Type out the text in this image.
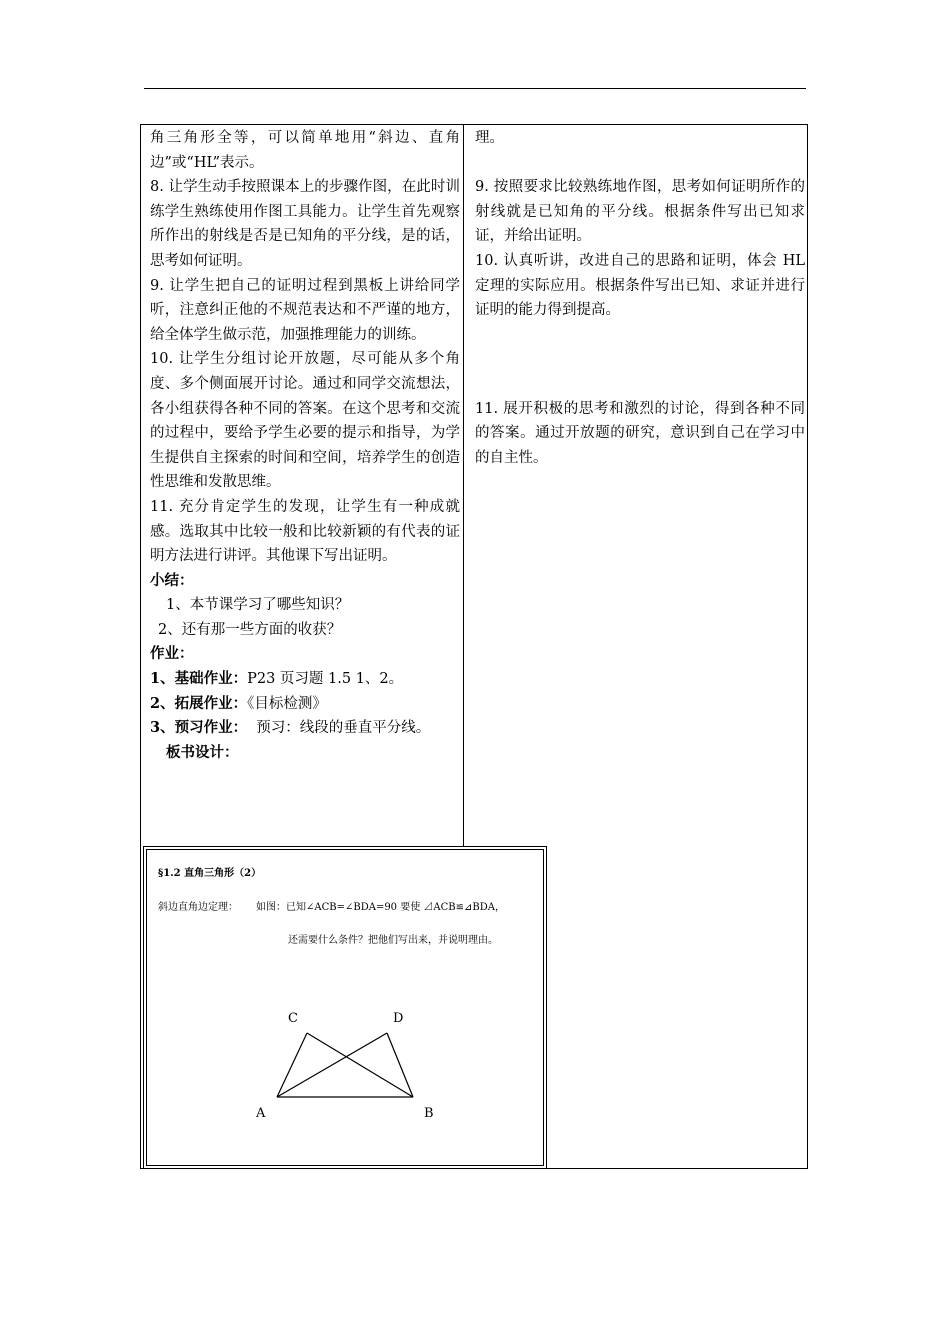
角三角形全等，可以简单地用“斜边、直角边”或“HL”表示。

8. 让学生动手按照课本上的步骤作图，在此时训练学生熟练使用作图工具能力。让学生首先观察所作出的射线是否是已知角的平分线，是的话，思考如何证明。

9. 让学生把自己的证明过程到黑板上讲给同学听，注意纠正他的不规范表达和不严谨的地方，给全体学生做示范，加强推理能力的训练。

10. 让学生分组讨论开放题，尽可能从多个角度、多个侧面展开讨论。通过和同学交流想法，各小组获得各种不同的答案。在这个思考和交流的过程中，要给予学生必要的提示和指导，为学生提供自主探索的时间和空间，培养学生的创造性思维和发散思维。

11. 充分肯定学生的发现，让学生有一种成就感。选取其中比较一般和比较新颖的有代表的证明方法进行讲评。其他课下写出证明。

小结：

1、本节课学习了哪些知识？

2、还有那一些方面的收获？

作业：

1、基础作业：P23 页习题 1.5 1、2。

2、拓展作业：《目标检测》

3、预习作业：  预习：线段的垂直平分线。

板书设计：

理。

9. 按照要求比较熟练地作图，思考如何证明所作的射线就是已知角的平分线。根据条件写出已知求证，并给出证明。

10. 认真听讲，改进自己的思路和证明，体会 HL 定理的实际应用。根据条件写出已知、求证并进行证明的能力得到提高。

11. 展开积极的思考和激烈的讨论，得到各种不同的答案。通过开放题的研究，意识到自己在学习中的自主性。

§1.2 直角三角形（2）
斜边直角边定理： 如图：已知∠ACB=∠BDA=90 要使 ⊿ACB≌⊿BDA，
还需要什么条件？把他们写出来，并说明理由。
C	D
A	B
